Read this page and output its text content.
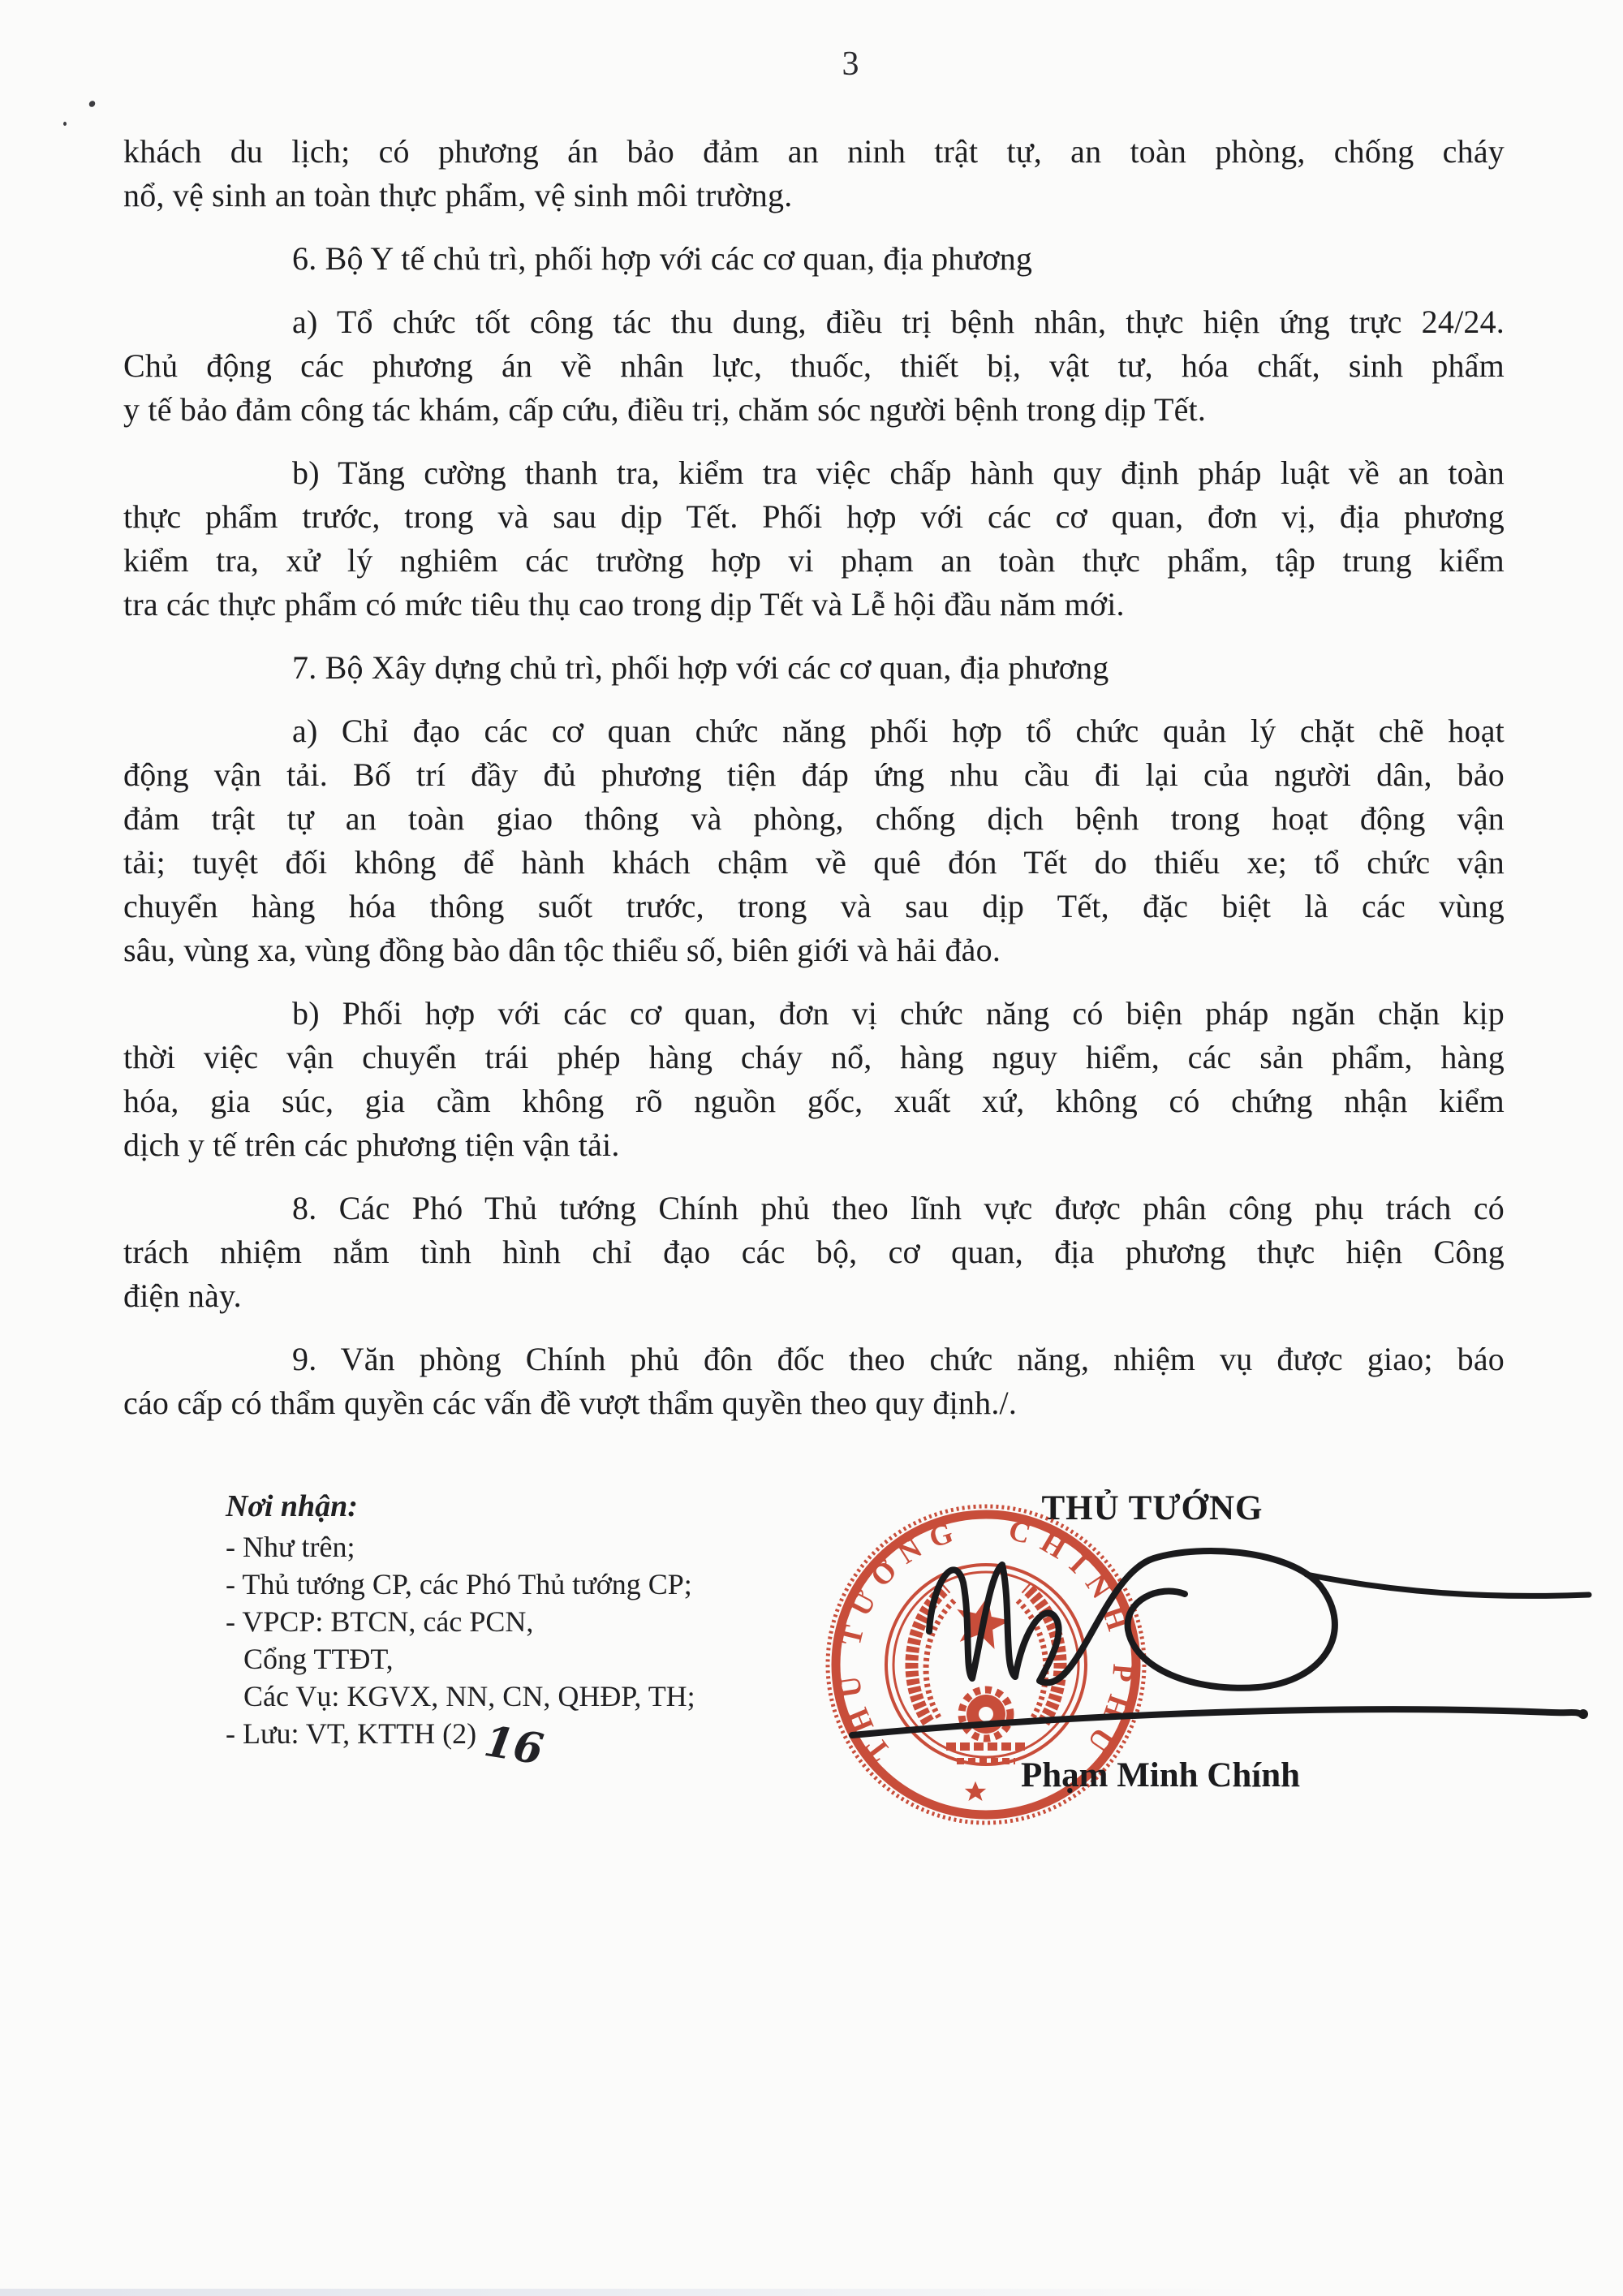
3
khách du lịch; có phương án bảo đảm an ninh trật tự, an toàn phòng, chống cháy
nổ, vệ sinh an toàn thực phẩm, vệ sinh môi trường.
6. Bộ Y tế chủ trì, phối hợp với các cơ quan, địa phương
a) Tổ chức tốt công tác thu dung, điều trị bệnh nhân, thực hiện ứng trực 24/24.
Chủ động các phương án về nhân lực, thuốc, thiết bị, vật tư, hóa chất, sinh phẩm
y tế bảo đảm công tác khám, cấp cứu, điều trị, chăm sóc người bệnh trong dịp Tết.
b) Tăng cường thanh tra, kiểm tra việc chấp hành quy định pháp luật về an toàn
thực phẩm trước, trong và sau dịp Tết. Phối hợp với các cơ quan, đơn vị, địa phương
kiểm tra, xử lý nghiêm các trường hợp vi phạm an toàn thực phẩm, tập trung kiểm
tra các thực phẩm có mức tiêu thụ cao trong dịp Tết và Lễ hội đầu năm mới.
7. Bộ Xây dựng chủ trì, phối hợp với các cơ quan, địa phương
a) Chỉ đạo các cơ quan chức năng phối hợp tổ chức quản lý chặt chẽ hoạt
động vận tải. Bố trí đầy đủ phương tiện đáp ứng nhu cầu đi lại của người dân, bảo
đảm trật tự an toàn giao thông và phòng, chống dịch bệnh trong hoạt động vận
tải; tuyệt đối không để hành khách chậm về quê đón Tết do thiếu xe; tổ chức vận
chuyển hàng hóa thông suốt trước, trong và sau dịp Tết, đặc biệt là các vùng
sâu, vùng xa, vùng đồng bào dân tộc thiểu số, biên giới và hải đảo.
b) Phối hợp với các cơ quan, đơn vị chức năng có biện pháp ngăn chặn kịp
thời việc vận chuyển trái phép hàng cháy nổ, hàng nguy hiểm, các sản phẩm, hàng
hóa, gia súc, gia cầm không rõ nguồn gốc, xuất xứ, không có chứng nhận kiểm
dịch y tế trên các phương tiện vận tải.
8. Các Phó Thủ tướng Chính phủ theo lĩnh vực được phân công phụ trách có
trách nhiệm nắm tình hình chỉ đạo các bộ, cơ quan, địa phương thực hiện Công
điện này.
9. Văn phòng Chính phủ đôn đốc theo chức năng, nhiệm vụ được giao; báo
cáo cấp có thẩm quyền các vấn đề vượt thẩm quyền theo quy định./.
Nơi nhận:
- Như trên;
- Thủ tướng CP, các Phó Thủ tướng CP;
- VPCP: BTCN, các PCN,
Cổng TTĐT,
Các Vụ: KGVX, NN, CN, QHĐP, TH;
- Lưu: VT, KTTH (2)
THỦ TƯỚNG
THỦ TƯỚNG CHÍNH PHỦ
16
Phạm Minh Chính
